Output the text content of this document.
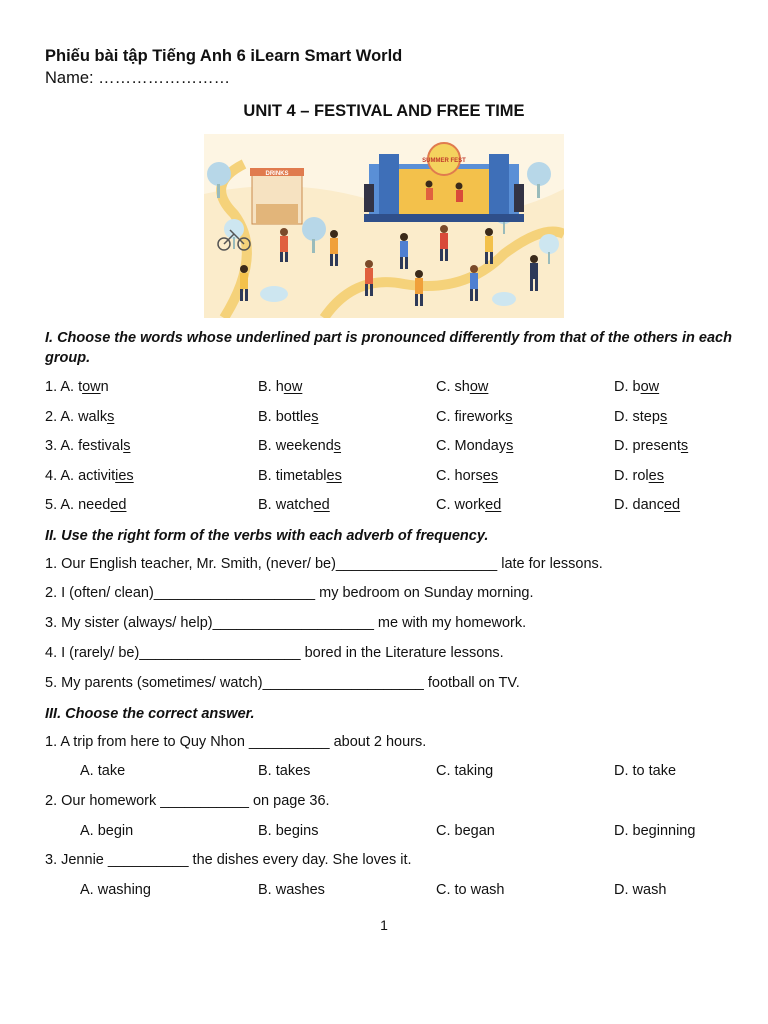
Phiếu bài tập Tiếng Anh 6 iLearn Smart World
Name: ……………………
UNIT 4 – FESTIVAL AND FREE TIME
DRINKS
SUMMER FEST
I. Choose the words whose underlined part is pronounced differently from that of the others in each group.
1. A. town	B. how	C. show	D. bow
2. A. walks	B. bottles	C. fireworks	D. steps
3. A. festivals	B. weekends	C. Mondays	D. presents
4. A. activities	B. timetables	C. horses	D. roles
5. A. needed	B. watched	C. worked	D. danced
II. Use the right form of the verbs with each adverb of frequency.
1. Our English teacher, Mr. Smith, (never/ be)____________________ late for lessons.
2. I (often/ clean)____________________ my bedroom on Sunday morning.
3. My sister (always/ help)____________________ me with my homework.
4. I (rarely/ be)____________________ bored in the Literature lessons.
5. My parents (sometimes/ watch)____________________ football on TV.
III. Choose the correct answer.
1. A trip from here to Quy Nhon __________ about 2 hours.
A. take	B. takes	C. taking	D. to take
2. Our homework ___________ on page 36.
A. begin	B. begins	C. began	D. beginning
3. Jennie __________ the dishes every day. She loves it.
A. washing	B. washes	C. to wash	D. wash
1
